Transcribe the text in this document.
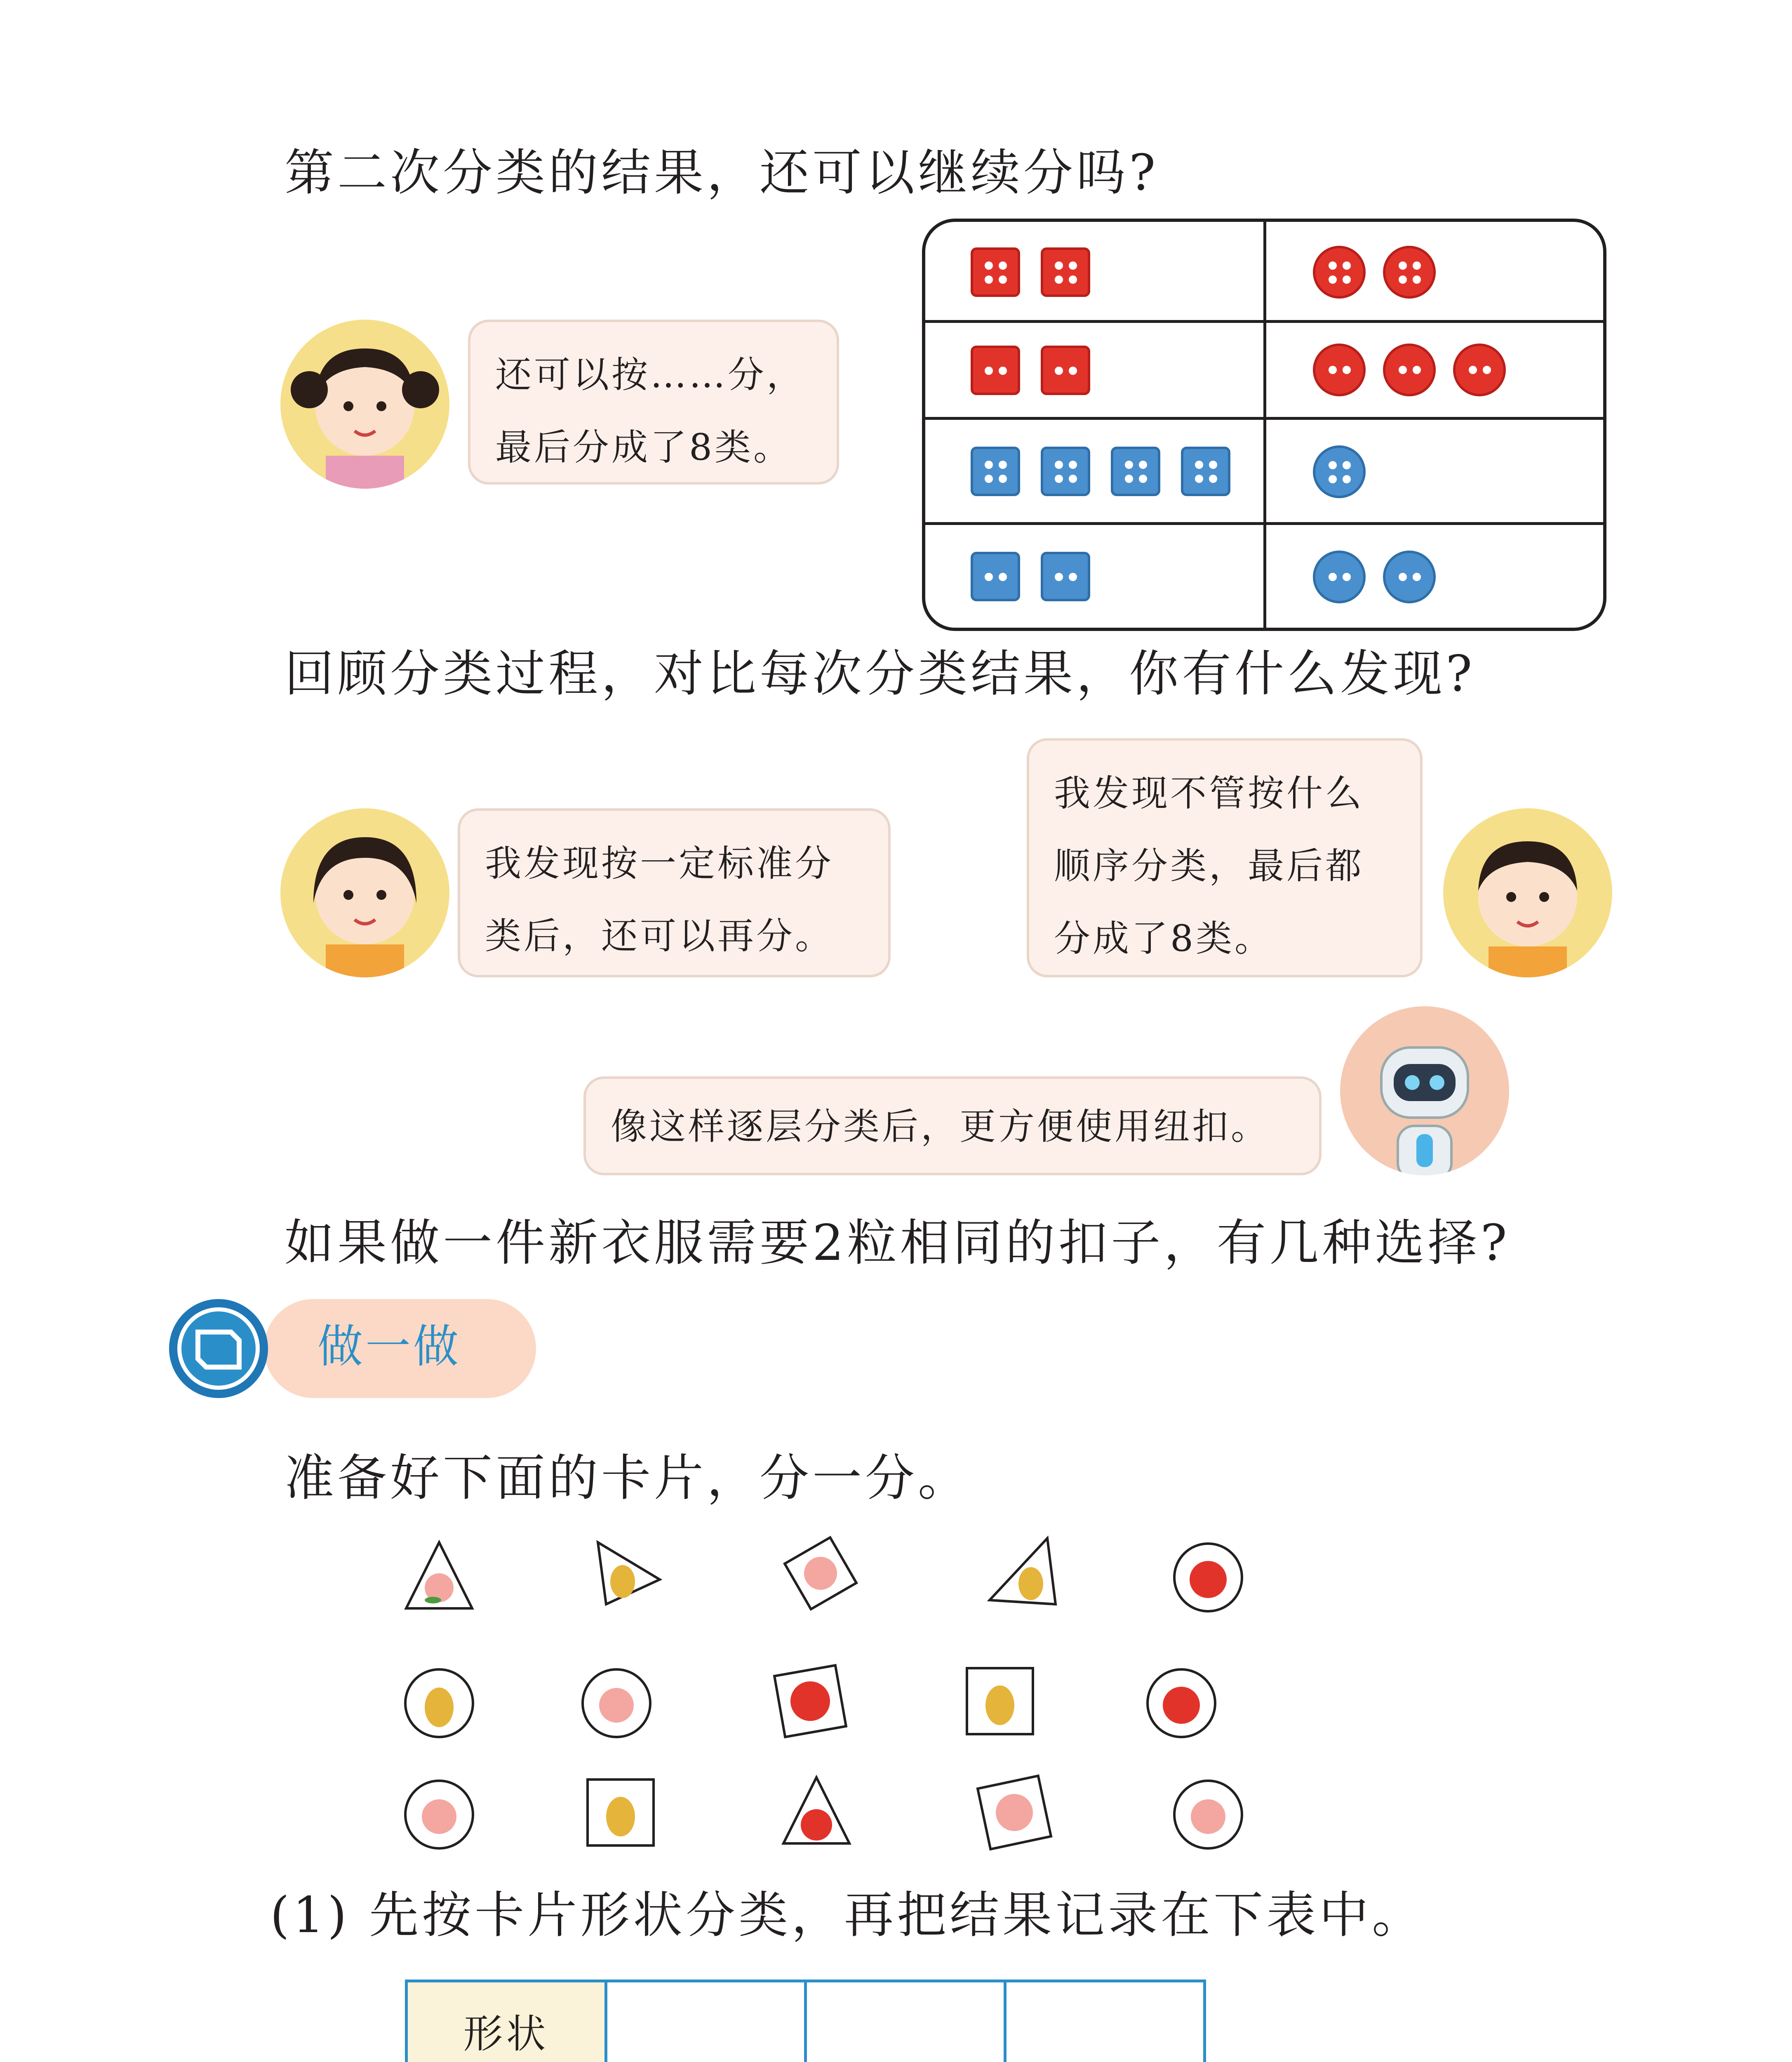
第二次分类的结果，还可以继续分吗?
还可以按……分，
最后分成了8类。
回顾分类过程，对比每次分类结果，你有什么发现?
我发现按一定标准分
类后，还可以再分。
我发现不管按什么
顺序分类，最后都
分成了8类。
像这样逐层分类后，更方便使用纽扣。
如果做一件新衣服需要2粒相同的扣子，有几种选择?
做一做
准备好下面的卡片，分一分。
(1) 先按卡片形状分类，再把结果记录在下表中。
形状			
